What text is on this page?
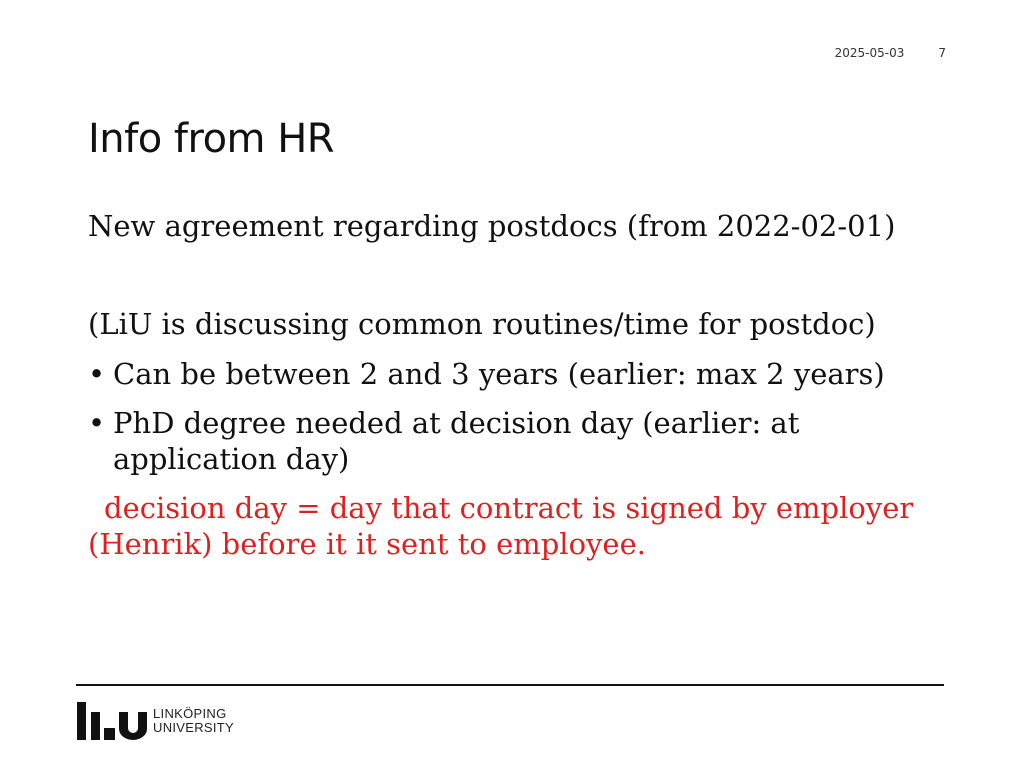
2025-05-03	7
Info from HR

New agreement regarding postdocs (from 2022-02-01)

(LiU is discussing common routines/time for postdoc)

• Can be between 2 and 3 years (earlier: max 2 years)
• PhD degree needed at decision day (earlier: at application day)

decision day = day that contract is signed by employer (Henrik) before it it sent to employee.

LINKÖPING
UNIVERSITY
